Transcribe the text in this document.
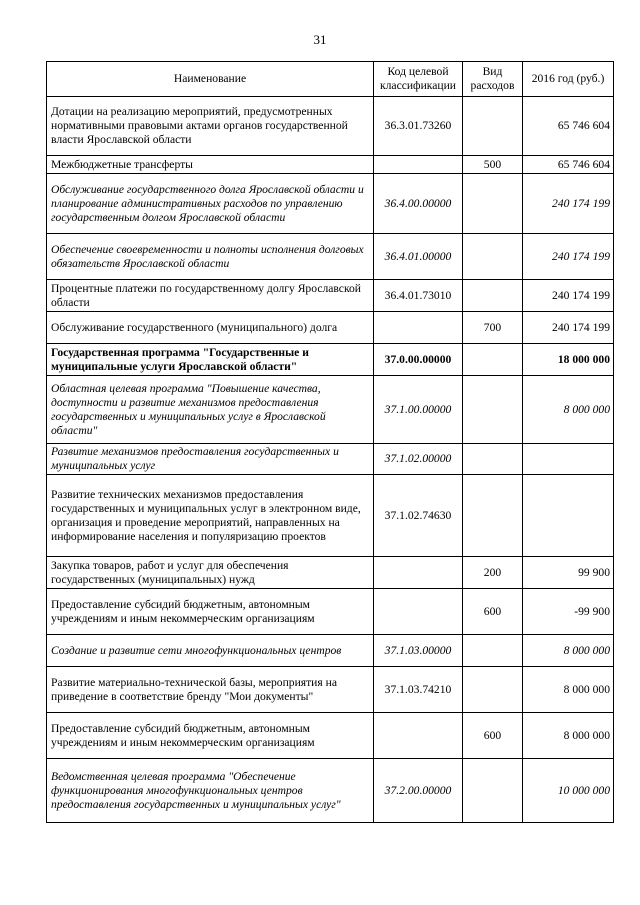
31
Наименование	Код целевой классификации	Вид расходов	2016 год (руб.)
Дотации на реализацию мероприятий, предусмотренных нормативными правовыми актами органов государственной власти Ярославской области	36.3.01.73260		65 746 604
Межбюджетные трансферты		500	65 746 604
Обслуживание государственного долга Ярославской области и планирование административных расходов по управлению государственным долгом Ярославской области	36.4.00.00000		240 174 199
Обеспечение своевременности и полноты исполнения долговых обязательств Ярославской области	36.4.01.00000		240 174 199
Процентные платежи по государственному долгу Ярославской области	36.4.01.73010		240 174 199
Обслуживание государственного (муниципального) долга		700	240 174 199
Государственная программа "Государственные и муниципальные услуги Ярославской области"	37.0.00.00000		18 000 000
Областная целевая программа "Повышение качества, доступности и развитие механизмов предоставления государственных и муниципальных услуг в Ярославской области"	37.1.00.00000		8 000 000
Развитие механизмов предоставления государственных и муниципальных услуг	37.1.02.00000		
Развитие технических механизмов предоставления государственных и муниципальных услуг в электронном виде, организация и проведение мероприятий, направленных на информирование населения и популяризацию проектов	37.1.02.74630		
Закупка товаров, работ и услуг для обеспечения государственных (муниципальных) нужд		200	99 900
Предоставление субсидий бюджетным, автономным учреждениям и иным некоммерческим организациям		600	-99 900
Создание и развитие сети многофункциональных центров	37.1.03.00000		8 000 000
Развитие материально-технической базы, мероприятия на приведение в соответствие бренду "Мои документы"	37.1.03.74210		8 000 000
Предоставление субсидий бюджетным, автономным учреждениям и иным некоммерческим организациям		600	8 000 000
Ведомственная целевая программа "Обеспечение функционирования многофункциональных центров предоставления государственных и муниципальных услуг"	37.2.00.00000		10 000 000
